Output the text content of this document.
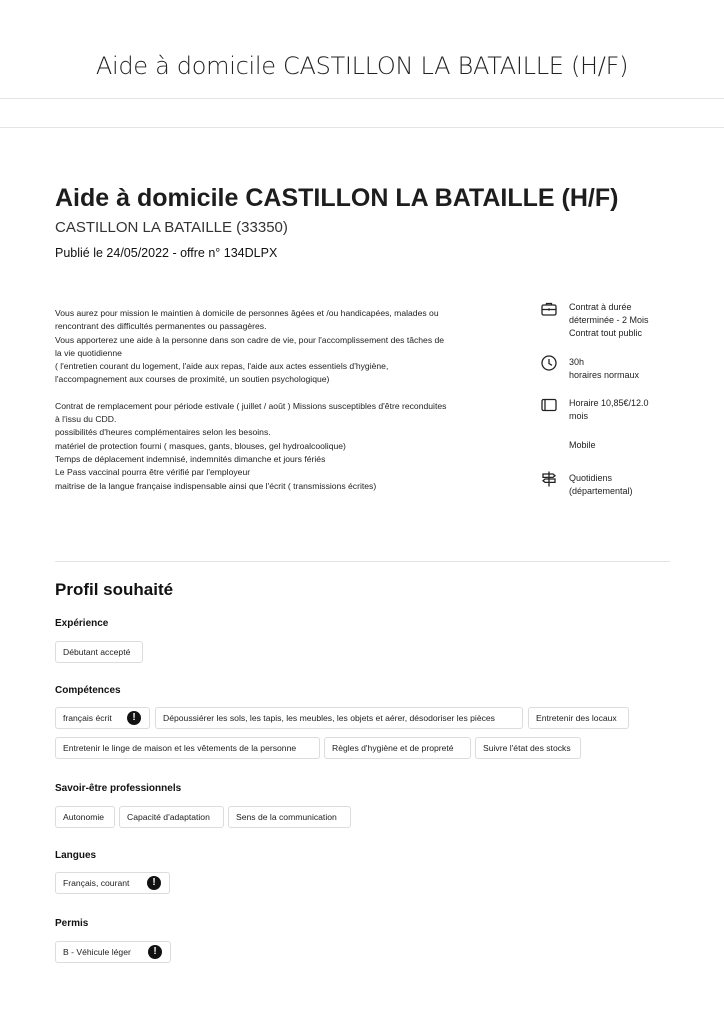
Aide à domicile CASTILLON LA BATAILLE (H/F)
Aide à domicile CASTILLON LA BATAILLE (H/F)
CASTILLON LA BATAILLE (33350)
Publié le 24/05/2022 - offre n° 134DLPX

Vous aurez pour mission le maintien à domicile de personnes âgées et /ou handicapées, malades ou

rencontrant des difficultés permanentes ou passagères.

Vous apporterez une aide à la personne dans son cadre de vie, pour l'accomplissement des tâches de

la vie quotidienne

( l'entretien courant du logement, l'aide aux repas, l'aide aux actes essentiels d'hygiène,

l'accompagnement aux courses de proximité, un soutien psychologique)

Contrat de remplacement pour période estivale ( juillet / août ) Missions susceptibles d'être reconduites

à l'issu du CDD.

possibilités d'heures complémentaires selon les besoins.

matériel de protection fourni ( masques, gants, blouses, gel hydroalcoolique)

Temps de déplacement indemnisé, indemnités dimanche et jours fériés

Le Pass vaccinal pourra être vérifié par l'employeur

maitrise de la langue française indispensable ainsi que l'écrit ( transmissions écrites)

Contrat à durée
déterminée - 2 Mois
Contrat tout public
30h
horaires normaux
Horaire 10,85€/12.0
mois
Mobile
Quotidiens
(départemental)
Profil souhaité
Expérience
Débutant accepté
Compétences
français écrit	!	Dépoussiérer les sols, les tapis, les meubles, les objets et aérer, désodoriser les pièces	Entretenir des locaux
Entretenir le linge de maison et les vêtements de la personne	Règles d'hygiène et de propreté	Suivre l'état des stocks
Savoir-être professionnels
Autonomie	Capacité d'adaptation	Sens de la communication
Langues
Français, courant	!
Permis
B - Véhicule léger	!
